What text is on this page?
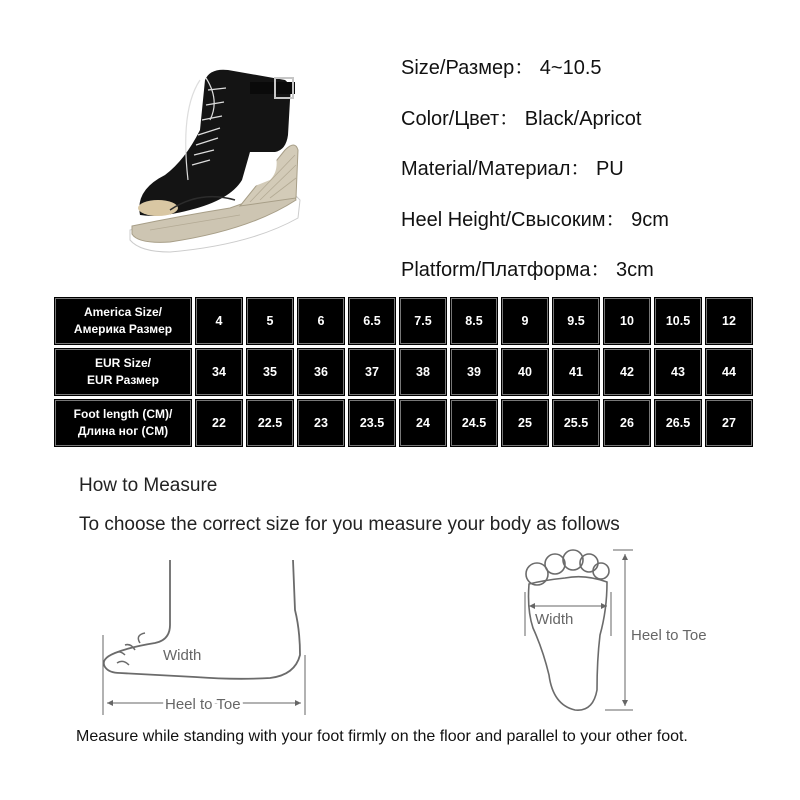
Size/Размер： 4~10.5
Color/Цвет： Black/Apricot
Material/Материал： PU
Heel Height/Свысоким： 9cm
Platform/Платформа： 3cm
America Size/
Америка Размер	4	5	6	6.5	7.5	8.5	9	9.5	10	10.5	12

EUR Size/
EUR Размер	34	35	36	37	38	39	40	41	42	43	44

Foot length (CM)/
Длина ног (CM)	22	22.5	23	23.5	24	24.5	25	25.5	26	26.5	27
How to Measure
To choose the correct size for you measure your body as follows
Width
Heel to Toe
Width
Heel to Toe
Measure while standing with your foot firmly on the floor and parallel to your other foot.
